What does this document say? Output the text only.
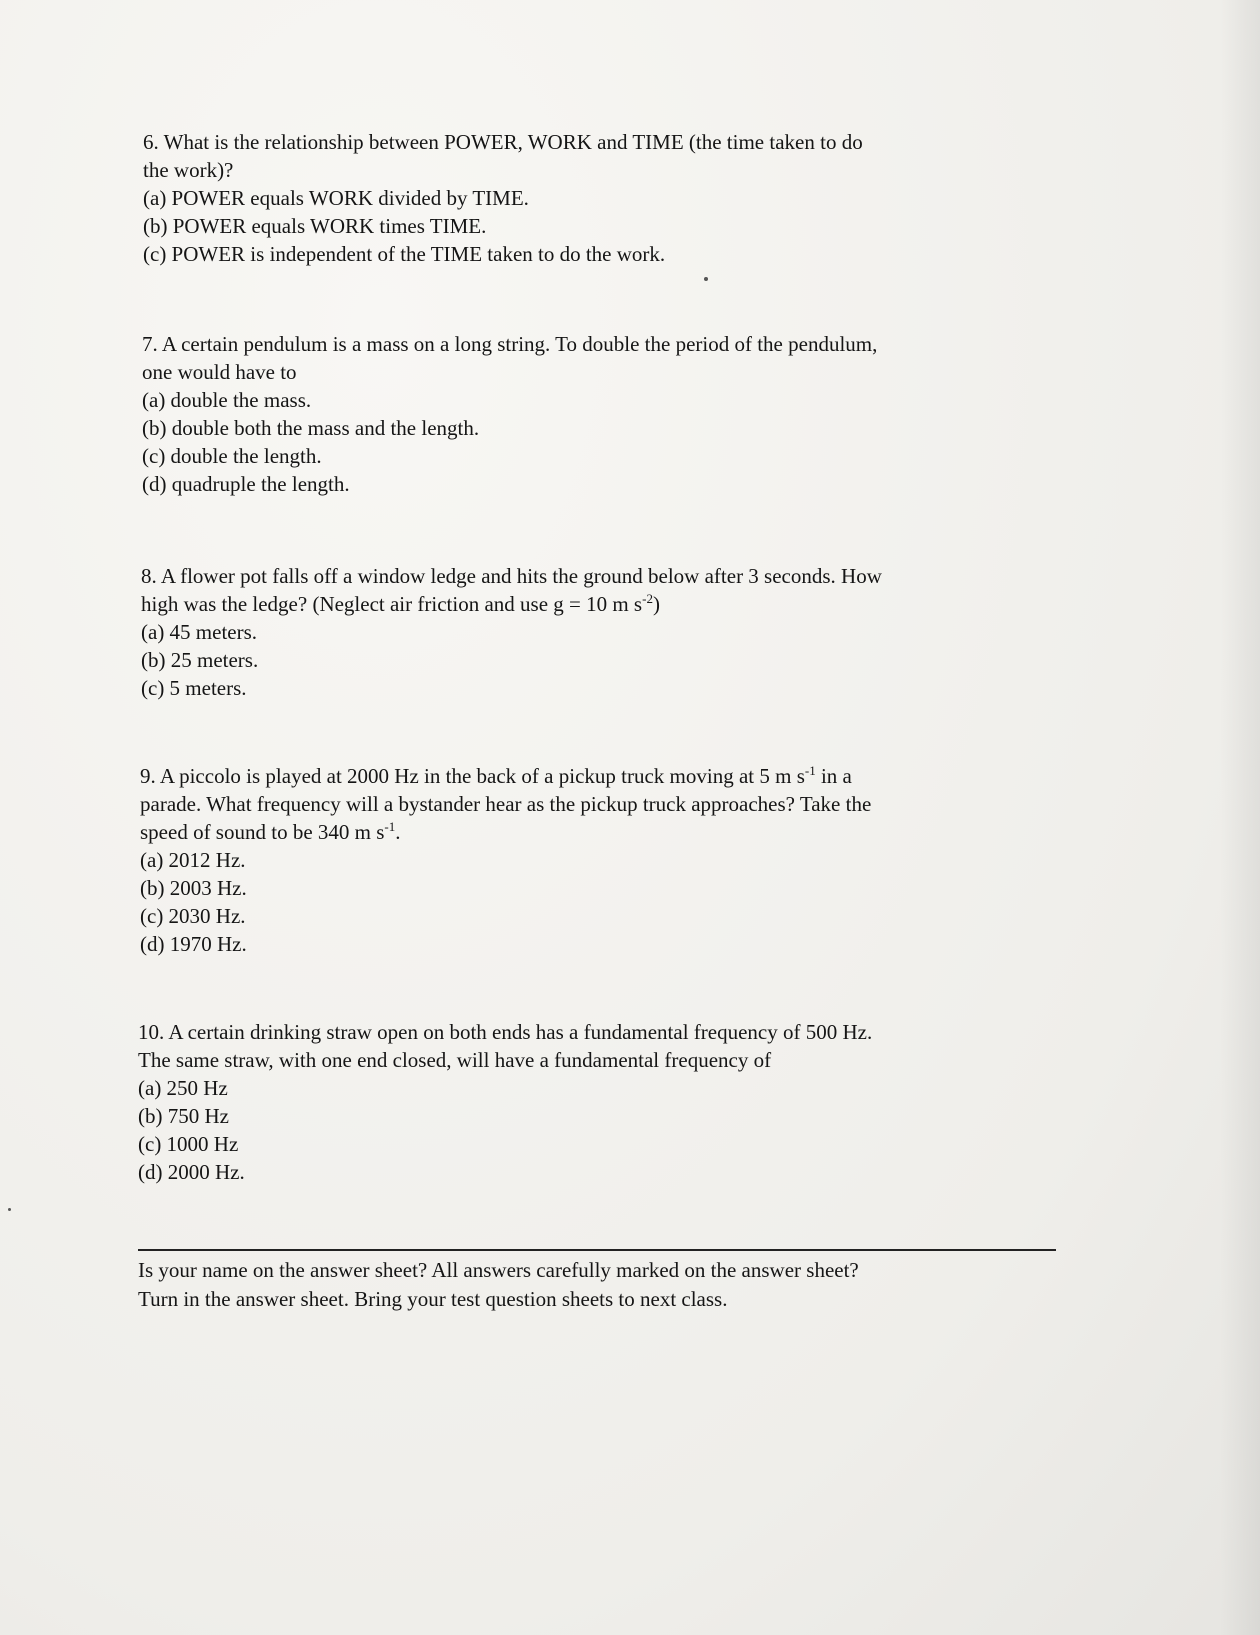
6. What is the relationship between POWER, WORK and TIME (the time taken to do
the work)?
(a) POWER equals WORK divided by TIME.
(b) POWER equals WORK times TIME.
(c) POWER is independent of the TIME taken to do the work.
7. A certain pendulum is a mass on a long string. To double the period of the pendulum,
one would have to
(a) double the mass.
(b) double both the mass and the length.
(c) double the length.
(d) quadruple the length.
8. A flower pot falls off a window ledge and hits the ground below after 3 seconds. How
high was the ledge? (Neglect air friction and use g = 10 m $s^{-2}$)
(a) 45 meters.
(b) 25 meters.
(c) 5 meters.
9. A piccolo is played at 2000 Hz in the back of a pickup truck moving at 5 m $s^{-1}$ in a
parade. What frequency will a bystander hear as the pickup truck approaches? Take the
speed of sound to be 340 m $s^{-1}$.
(a) 2012 Hz.
(b) 2003 Hz.
(c) 2030 Hz.
(d) 1970 Hz.
10. A certain drinking straw open on both ends has a fundamental frequency of 500 Hz.
The same straw, with one end closed, will have a fundamental frequency of
(a) 250 Hz
(b) 750 Hz
(c) 1000 Hz
(d) 2000 Hz.
Is your name on the answer sheet? All answers carefully marked on the answer sheet?
Turn in the answer sheet. Bring your test question sheets to next class.
